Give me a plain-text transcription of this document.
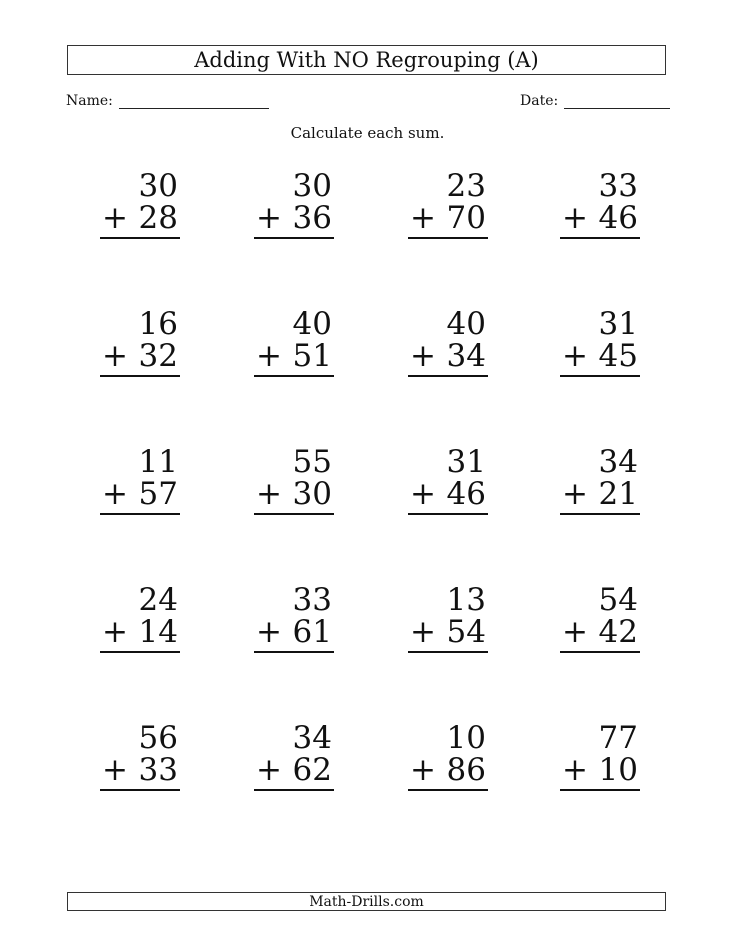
Adding With NO Regrouping (A)
Name:	Date:
Calculate each sum.
30
+ 28
30
+ 36
23
+ 70
33
+ 46
16
+ 32
40
+ 51
40
+ 34
31
+ 45
11
+ 57
55
+ 30
31
+ 46
34
+ 21
24
+ 14
33
+ 61
13
+ 54
54
+ 42
56
+ 33
34
+ 62
10
+ 86
77
+ 10
Math-Drills.com
